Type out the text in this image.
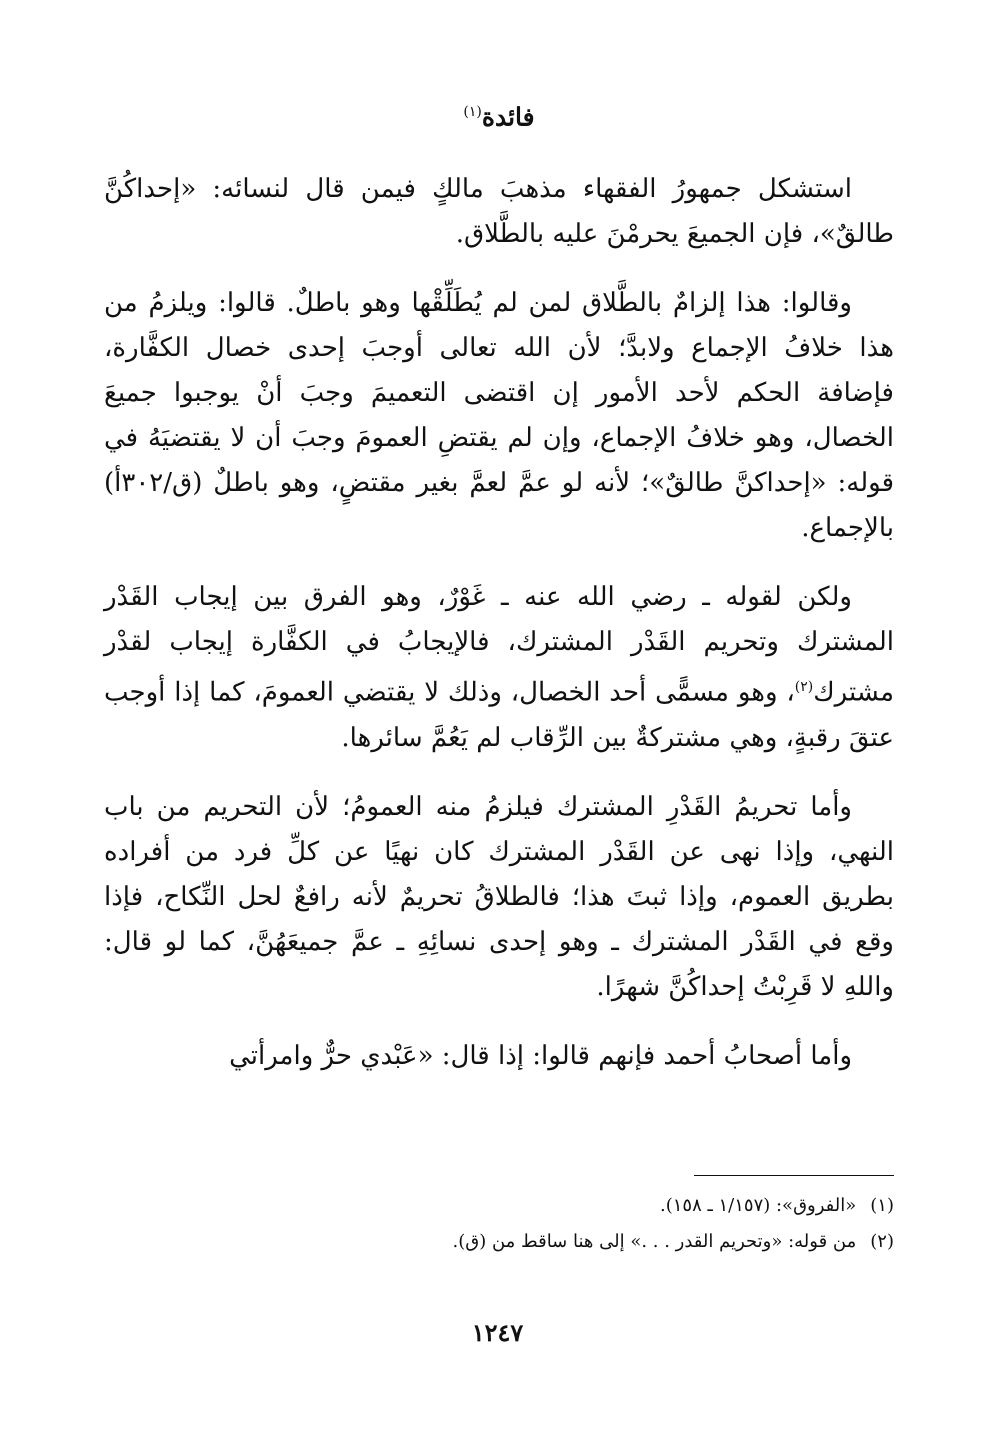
فائدة$^{(١)}$

استشكل جمهورُ الفقهاء مذهبَ مالكٍ فيمن قال لنسائه: «إحداكُنَّ طالقٌ»، فإن الجميعَ يحرمْنَ عليه بالطَّلاق.

وقالوا: هذا إلزامٌ بالطَّلاق لمن لم يُطَلِّقْها وهو باطلٌ. قالوا: ويلزمُ من هذا خلافُ الإجماع ولابدَّ؛ لأن الله تعالى أوجبَ إحدى خصال الكفَّارة، فإضافة الحكم لأحد الأمور إن اقتضى التعميمَ وجبَ أنْ يوجبوا جميعَ الخصال، وهو خلافُ الإجماع، وإن لم يقتضِ العمومَ وجبَ أن لا يقتضيَهُ في قوله: «إحداكنَّ طالقٌ»؛ لأنه لو عمَّ لعمَّ بغير مقتضٍ، وهو باطلٌ (ق/٣٠٢أ) بالإجماع.

ولكن لقوله ـ رضي الله عنه ـ غَوْرٌ، وهو الفرق بين إيجاب القَدْر المشترك وتحريم القَدْر المشترك، فالإيجابُ في الكفَّارة إيجاب لقدْر مشترك$^{(٢)}$، وهو مسمًّى أحد الخصال، وذلك لا يقتضي العمومَ، كما إذا أوجب عتقَ رقبةٍ، وهي مشتركةٌ بين الرِّقاب لم يَعُمَّ سائرها.

وأما تحريمُ القَدْرِ المشترك فيلزمُ منه العمومُ؛ لأن التحريم من باب النهي، وإذا نهى عن القَدْر المشترك كان نهيًا عن كلِّ فرد من أفراده بطريق العموم، وإذا ثبتَ هذا؛ فالطلاقُ تحريمٌ لأنه رافعٌ لحل النِّكاح، فإذا وقع في القَدْر المشترك ـ وهو إحدى نسائِهِ ـ عمَّ جميعَهُنَّ، كما لو قال: واللهِ لا قَرِبْتُ إحداكُنَّ شهرًا.

وأما أصحابُ أحمد فإنهم قالوا: إذا قال: «عَبْدي حرٌّ وامرأتي

(١)«الفروق»: (١/١٥٧ ـ ١٥٨).

(٢)من قوله: «وتحريم القدر . . .» إلى هنا ساقط من (ق).

١٢٤٧
